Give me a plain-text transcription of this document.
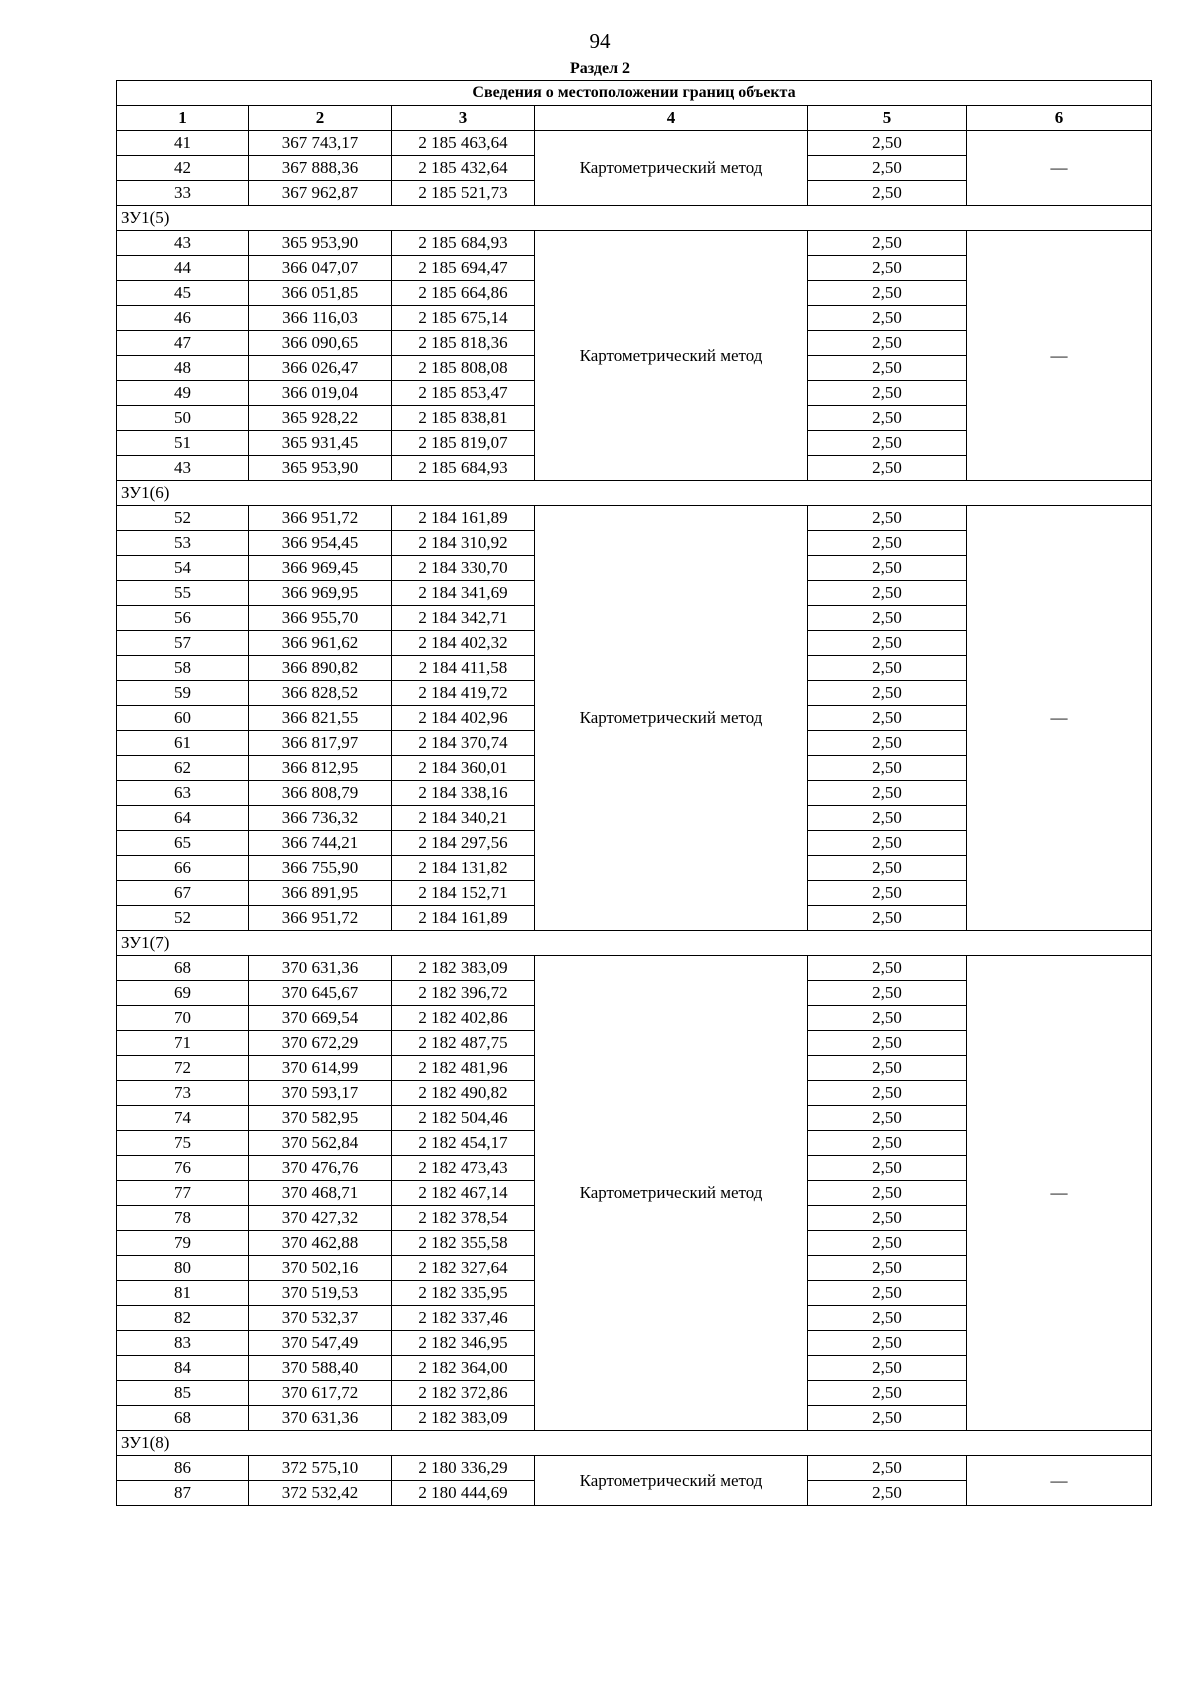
94
Раздел 2
Сведения о местоположении границ объекта					
1	2	3	4	5	6
41	367 743,17	2 185 463,64	Картометрический метод	2,50	—
42	367 888,36	2 185 432,64		2,50	
33	367 962,87	2 185 521,73		2,50	
ЗУ1(5)					
43	365 953,90	2 185 684,93	Картометрический метод	2,50	—
44	366 047,07	2 185 694,47		2,50	
45	366 051,85	2 185 664,86		2,50	
46	366 116,03	2 185 675,14		2,50	
47	366 090,65	2 185 818,36		2,50	
48	366 026,47	2 185 808,08		2,50	
49	366 019,04	2 185 853,47		2,50	
50	365 928,22	2 185 838,81		2,50	
51	365 931,45	2 185 819,07		2,50	
43	365 953,90	2 185 684,93		2,50	
ЗУ1(6)					
52	366 951,72	2 184 161,89	Картометрический метод	2,50	—
53	366 954,45	2 184 310,92		2,50	
54	366 969,45	2 184 330,70		2,50	
55	366 969,95	2 184 341,69		2,50	
56	366 955,70	2 184 342,71		2,50	
57	366 961,62	2 184 402,32		2,50	
58	366 890,82	2 184 411,58		2,50	
59	366 828,52	2 184 419,72		2,50	
60	366 821,55	2 184 402,96		2,50	
61	366 817,97	2 184 370,74		2,50	
62	366 812,95	2 184 360,01		2,50	
63	366 808,79	2 184 338,16		2,50	
64	366 736,32	2 184 340,21		2,50	
65	366 744,21	2 184 297,56		2,50	
66	366 755,90	2 184 131,82		2,50	
67	366 891,95	2 184 152,71		2,50	
52	366 951,72	2 184 161,89		2,50	
ЗУ1(7)					
68	370 631,36	2 182 383,09	Картометрический метод	2,50	—
69	370 645,67	2 182 396,72		2,50	
70	370 669,54	2 182 402,86		2,50	
71	370 672,29	2 182 487,75		2,50	
72	370 614,99	2 182 481,96		2,50	
73	370 593,17	2 182 490,82		2,50	
74	370 582,95	2 182 504,46		2,50	
75	370 562,84	2 182 454,17		2,50	
76	370 476,76	2 182 473,43		2,50	
77	370 468,71	2 182 467,14		2,50	
78	370 427,32	2 182 378,54		2,50	
79	370 462,88	2 182 355,58		2,50	
80	370 502,16	2 182 327,64		2,50	
81	370 519,53	2 182 335,95		2,50	
82	370 532,37	2 182 337,46		2,50	
83	370 547,49	2 182 346,95		2,50	
84	370 588,40	2 182 364,00		2,50	
85	370 617,72	2 182 372,86		2,50	
68	370 631,36	2 182 383,09		2,50	
ЗУ1(8)					
86	372 575,10	2 180 336,29	Картометрический метод	2,50	—
87	372 532,42	2 180 444,69		2,50	
